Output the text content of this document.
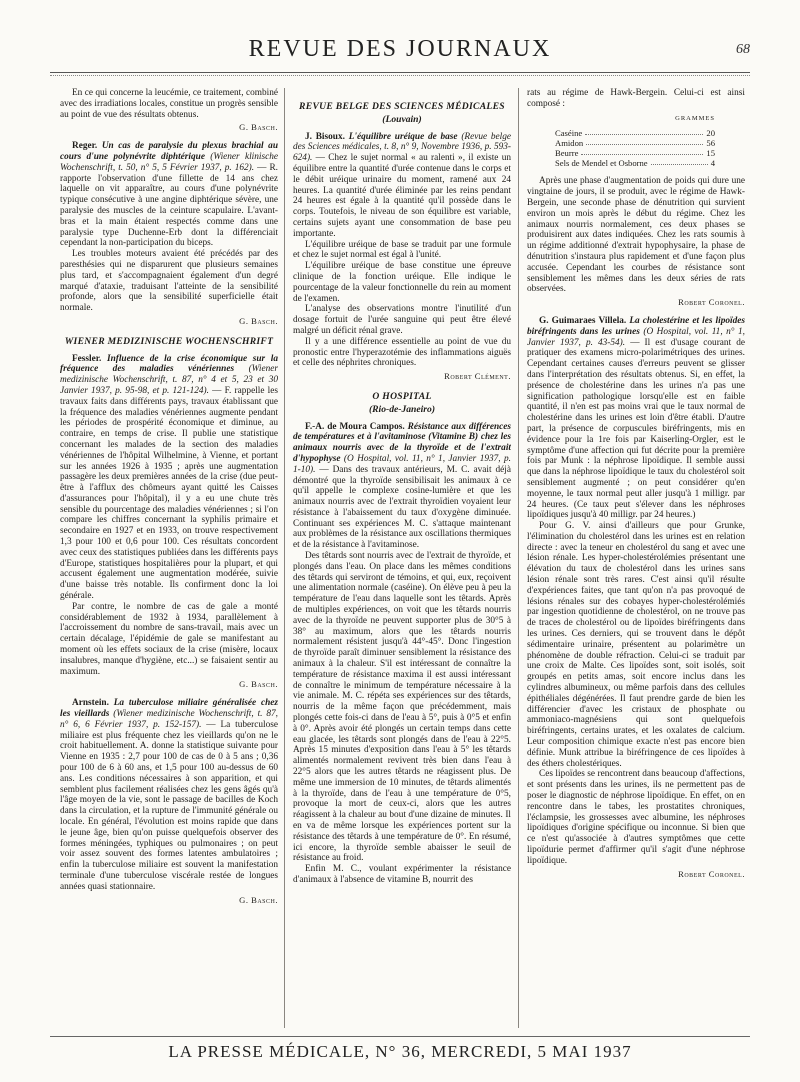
REVUE DES JOURNAUX	68

En ce qui concerne la leucémie, ce traitement, combiné avec des irradiations locales, constitue un progrès sensible au point de vue des résultats obtenus.

G. Basch.

Reger. Un cas de paralysie du plexus brachial au cours d'une polynévrite diphtérique (Wiener klinische Wochenschrift, t. 50, n° 5, 5 Février 1937, p. 162). — R. rapporte l'observation d'une fillette de 14 ans chez laquelle on vit apparaître, au cours d'une polynévrite typique consécutive à une angine diphtérique sévère, une paralysie des muscles de la ceinture scapulaire. L'avant-bras et la main étaient respectés comme dans une paralysie type Duchenne-Erb dont la différenciait cependant la non-participation du biceps.

Les troubles moteurs avaient été précédés par des paresthésies qui ne disparurent que plusieurs semaines plus tard, et s'accompagnaient également d'un degré marqué d'ataxie, traduisant l'atteinte de la sensibilité profonde, alors que la sensibilité superficielle était normale.

G. Basch.
WIENER MEDIZINISCHE WOCHENSCHRIFT

Fessler. Influence de la crise économique sur la fréquence des maladies vénériennes (Wiener medizinische Wochenschrift, t. 87, n° 4 et 5, 23 et 30 Janvier 1937, p. 95-98, et p. 121-124). — F. rappelle les travaux faits dans différents pays, travaux établissant que la fréquence des maladies vénériennes augmente pendant les périodes de prospérité économique et diminue, au contraire, en temps de crise. Il publie une statistique concernant les malades de la section des maladies vénériennes de l'hôpital Wilhelmine, à Vienne, et portant sur les années 1926 à 1935 ; après une augmentation passagère les deux premières années de la crise (due peut-être à l'afflux des chômeurs ayant quitté les Caisses d'assurances pour l'hôpital), il y a eu une chute très sensible du pourcentage des maladies vénériennes ; si l'on compare les chiffres concernant la syphilis primaire et secondaire en 1927 et en 1933, on trouve respectivement 1,3 pour 100 et 0,6 pour 100. Ces résultats concordent avec ceux des statistiques publiées dans les différents pays d'Europe, statistiques hospitalières pour la plupart, et qui accusent également une augmentation modérée, suivie d'une baisse très notable. Ils confirment donc la loi générale.

Par contre, le nombre de cas de gale a monté considérablement de 1932 à 1934, parallèlement à l'accroissement du nombre de sans-travail, mais avec un certain décalage, l'épidémie de gale se manifestant au moment où les effets sociaux de la crise (misère, locaux insalubres, manque d'hygiène, etc...) se faisaient sentir au maximum.

G. Basch.

Arnstein. La tuberculose miliaire généralisée chez les vieillards (Wiener medizinische Wochenschrift, t. 87, n° 6, 6 Février 1937, p. 152-157). — La tuberculose miliaire est plus fréquente chez les vieillards qu'on ne le croit habituellement. A. donne la statistique suivante pour Vienne en 1935 : 2,7 pour 100 de cas de 0 à 5 ans ; 0,36 pour 100 de 6 à 60 ans, et 1,5 pour 100 au-dessus de 60 ans. Les conditions nécessaires à son apparition, et qui semblent plus facilement réalisées chez les gens âgés qu'à l'âge moyen de la vie, sont le passage de bacilles de Koch dans la circulation, et la rupture de l'immunité générale ou locale. En général, l'évolution est moins rapide que dans le jeune âge, bien qu'on puisse quelquefois observer des formes méningées, typhiques ou pulmonaires ; on peut voir assez souvent des formes latentes ambulatoires ; enfin la tuberculose miliaire est souvent la manifestation terminale d'une tuberculose viscérale restée de longues années quasi stationnaire.

G. Basch.
REVUE BELGE DES SCIENCES MÉDICALES
(Louvain)

J. Bisoux. L'équilibre uréique de base (Revue belge des Sciences médicales, t. 8, n° 9, Novembre 1936, p. 593-624). — Chez le sujet normal « au ralenti », il existe un équilibre entre la quantité d'urée contenue dans le corps et le débit uréique urinaire du moment, ramené aux 24 heures. La quantité d'urée éliminée par les reins pendant 24 heures est égale à la quantité qu'il possède dans le corps. Toutefois, le niveau de son équilibre est variable, certains sujets ayant une consommation de base peu importante.

L'équilibre uréique de base se traduit par une formule et chez le sujet normal est égal à l'unité.

L'équilibre uréique de base constitue une épreuve clinique de la fonction uréique. Elle indique le pourcentage de la valeur fonctionnelle du rein au moment de l'examen.

L'analyse des observations montre l'inutilité d'un dosage fortuit de l'urée sanguine qui peut être élevé malgré un déficit rénal grave.

Il y a une différence essentielle au point de vue du pronostic entre l'hyperazotémie des inflammations aiguës et celle des néphrites chroniques.

Robert Clément.
O HOSPITAL
(Rio-de-Janeiro)

F.-A. de Moura Campos. Résistance aux différences de températures et à l'avitaminose (Vitamine B) chez les animaux nourris avec de la thyroïde et de l'extrait d'hypophyse (O Hospital, vol. 11, n° 1, Janvier 1937, p. 1-10). — Dans des travaux antérieurs, M. C. avait déjà démontré que la thyroïde sensibilisait les animaux à ce qu'il appelle le complexe cosine-lumière et que les animaux nourris avec de l'extrait thyroïdien voyaient leur résistance à l'abaissement du taux d'oxygène diminuée. Continuant ses expériences M. C. s'attaque maintenant aux problèmes de la résistance aux oscillations thermiques et de la résistance à l'avitaminose.

Des têtards sont nourris avec de l'extrait de thyroïde, et plongés dans l'eau. On place dans les mêmes conditions des têtards qui serviront de témoins, et qui, eux, reçoivent une alimentation normale (caséine). On élève peu à peu la température de l'eau dans laquelle sont les têtards. Après de multiples expériences, on voit que les têtards nourris avec de la thyroïde ne peuvent supporter plus de 30°5 à 38° au maximum, alors que les têtards nourris normalement résistent jusqu'à 44°-45°. Donc l'ingestion de thyroïde paraît diminuer sensiblement la résistance des animaux à la chaleur. S'il est intéressant de connaître la température de résistance maxima il est aussi intéressant de connaître le minimum de température nécessaire à la vie animale. M. C. répéta ses expériences sur des têtards, nourris de la même façon que précédemment, mais plongés cette fois-ci dans de l'eau à 5°, puis à 0°5 et enfin à 0°. Après avoir été plongés un certain temps dans cette eau glacée, les têtards sont plongés dans de l'eau à 22°5. Après 15 minutes d'exposition dans l'eau à 5° les têtards alimentés normalement revivent très bien dans l'eau à 22°5 alors que les autres têtards ne réagissent plus. De même une immersion de 10 minutes, de têtards alimentés à la thyroïde, dans de l'eau à une température de 0°5, provoque la mort de ceux-ci, alors que les autres réagissent à la chaleur au bout d'une dizaine de minutes. Il en va de même lorsque les expériences portent sur la résistance des têtards à une température de 0°. En résumé, ici encore, la thyroïde semble abaisser le seuil de résistance au froid.

Enfin M. C., voulant expérimenter la résistance d'animaux à l'absence de vitamine B, nourrit des

rats au régime de Hawk-Bergein. Celui-ci est ainsi composé :

GRAMMES
Caséine	20
Amidon	56
Beurre	15
Sels de Mendel et Osborne	4

Après une phase d'augmentation de poids qui dure une vingtaine de jours, il se produit, avec le régime de Hawk-Bergein, une seconde phase de dénutrition qui survient environ un mois après le début du régime. Chez les animaux nourris normalement, ces deux phases se produisirent aux dates indiquées. Chez les rats soumis à un régime additionné d'extrait hypophysaire, la phase de dénutrition s'instaura plus rapidement et d'une façon plus accusée. Cependant les courbes de résistance sont sensiblement les mêmes dans les deux séries de rats observées.

Robert Coronel.

G. Guimaraes Villela. La cholestérine et les lipoïdes biréfringents dans les urines (O Hospital, vol. 11, n° 1, Janvier 1937, p. 43-54). — Il est d'usage courant de pratiquer des examens micro-polarimétriques des urines. Cependant certaines causes d'erreurs peuvent se glisser dans l'interprétation des résultats obtenus. Si, en effet, la présence de cholestérine dans les urines n'a pas une signification pathologique lorsqu'elle est en faible quantité, il n'en est pas moins vrai que le taux normal de cholestérine dans les urines est loin d'être établi. D'autre part, la présence de corpuscules biréfringents, mis en évidence pour la 1re fois par Kaiserling-Orgler, est le symptôme d'une affection qui fut décrite pour la première fois par Munk : la néphrose lipoïdique. Il semble aussi que dans la néphrose lipoïdique le taux du cholestérol soit sensiblement augmenté ; on peut considérer qu'en moyenne, le taux normal peut aller jusqu'à 1 milligr. par 24 heures. (Ce taux peut s'élever dans les néphroses lipoïdiques jusqu'à 40 milligr. par 24 heures.)

Pour G. V. ainsi d'ailleurs que pour Grunke, l'élimination du cholestérol dans les urines est en relation directe : avec la teneur en cholestérol du sang et avec une lésion rénale. Les hyper-cholestérolémies présentant une élévation du taux de cholestérol dans les urines sans lésion rénale sont très rares. C'est ainsi qu'il résulte d'expériences faites, que tant qu'on n'a pas provoqué de lésions rénales sur des cobayes hyper-cholestérolémiés par ingestion quotidienne de cholestérol, on ne trouve pas de traces de cholestérol ou de lipoïdes biréfringents dans les urines. Ces derniers, qui se trouvent dans le dépôt sédimentaire urinaire, présentent au polarimètre un phénomène de double réfraction. Celui-ci se traduit par une croix de Malte. Ces lipoïdes sont, soit isolés, soit groupés en petits amas, soit encore inclus dans les cylindres albumineux, ou même parfois dans des cellules épithéliales dégénérées. Il faut prendre garde de bien les différencier d'avec les cristaux de phosphate ou ammoniaco-magnésiens qui sont quelquefois biréfringents, certains urates, et les oxalates de calcium. Leur composition chimique exacte n'est pas encore bien définie. Munk attribue la biréfringence de ces lipoïdes à des éthers cholestériques.

Ces lipoïdes se rencontrent dans beaucoup d'affections, et sont présents dans les urines, ils ne permettent pas de poser le diagnostic de néphrose lipoïdique. En effet, on en rencontre dans le tabes, les prostatites chroniques, l'éclampsie, les grossesses avec albumine, les néphroses lipoïdiques d'origine spécifique ou inconnue. Si bien que ce n'est qu'associée à d'autres symptômes que cette lipoïdurie permet d'affirmer qu'il s'agit d'une néphrose lipoïdique.

Robert Coronel.
LA PRESSE MÉDICALE, N° 36, MERCREDI, 5 MAI 1937
